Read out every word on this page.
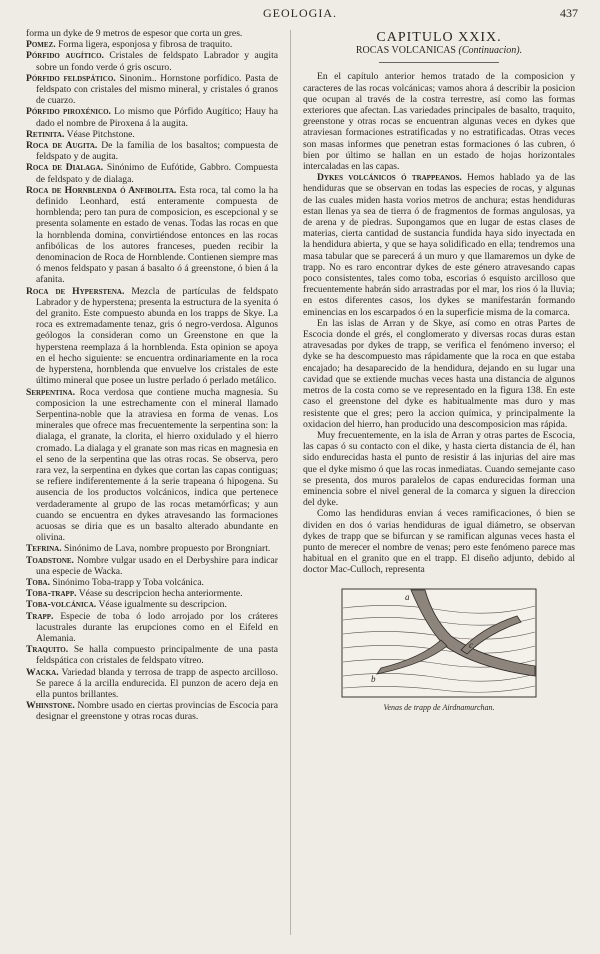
GEOLOGIA.	437

forma un dyke de 9 metros de espesor que corta un gres.

Pomez. Forma ligera, esponjosa y fibrosa de traquito.

Pórfido augítico. Cristales de feldspato Labrador y augita sobre un fondo verde ó gris oscuro.

Pórfido feldspático. Sinonim.. Hornstone porfídico. Pasta de feldspato con cristales del mismo mineral, y cristales ó granos de cuarzo.

Pórfido piroxénico. Lo mismo que Pórfido Augítico; Hauy ha dado el nombre de Piroxena á la augita.

Retinita. Véase Pitchstone.

Roca de Augita. De la familia de los basaltos; compuesta de feldspato y de augita.

Roca de Dialaga. Sinónimo de Eufótide, Gabbro. Compuesta de feldspato y de dialaga.

Roca de Hornblenda ó Anfibolita. Esta roca, tal como la ha definido Leonhard, está enteramente compuesta de hornblenda; pero tan pura de composicion, es escepcional y se presenta solamente en estado de venas. Todas las rocas en que la hornblenda domina, convirtiéndose entonces en las rocas anfibólicas de los autores franceses, pueden recibir la denominacion de Roca de Hornblende. Contienen siempre mas ó menos feldspato y pasan á basalto ó á greenstone, ó bien á la afanita.

Roca de Hyperstena. Mezcla de partículas de feldspato Labrador y de hyperstena; presenta la estructura de la syenita ó del granito. Este compuesto abunda en los trapps de Skye. La roca es extremadamente tenaz, gris ó negro-verdosa. Algunos geólogos la consideran como un Greenstone en que la hyperstena reemplaza á la hornblenda. Esta opinion se apoya en el hecho siguiente: se encuentra ordinariamente en la roca de hyperstena, hornblenda que envuelve los cristales de este último mineral que posee un lustre perlado ó perlado metálico.

Serpentina. Roca verdosa que contiene mucha magnesia. Su composicion la une estrechamente con el mineral llamado Serpentina-noble que la atraviesa en forma de venas. Los minerales que ofrece mas frecuentemente la serpentina son: la dialaga, el granate, la clorita, el hierro oxidulado y el hierro cromado. La dialaga y el granate son mas ricas en magnesia en el seno de la serpentina que las otras rocas. Se observa, pero rara vez, la serpentina en dykes que cortan las capas contiguas; se refiere indiferentemente á la serie trapeana ó hipogena. Su ausencia de los productos volcánicos, indica que pertenece verdaderamente al grupo de las rocas metamórficas; y aun cuando se encuentra en dykes atravesando las formaciones acuosas se diria que es un basalto alterado abundante en olivina.

Tefrina. Sinónimo de Lava, nombre propuesto por Brongniart.

Toadstone. Nombre vulgar usado en el Derbyshire para indicar una especie de Wacka.

Toba. Sinónimo Toba-trapp y Toba volcánica.

Toba-trapp. Véase su descripcion hecha anteriormente.

Toba-volcánica. Véase igualmente su descripcion.

Trapp. Especie de toba ó lodo arrojado por los cráteres lacustrales durante las erupciones como en el Eifeld en Alemania.

Traquito. Se halla compuesto principalmente de una pasta feldspática con cristales de feldspato vítreo.

Wacka. Variedad blanda y terrosa de trapp de aspecto arcilloso. Se parece á la arcilla endurecida. El punzon de acero deja en ella puntos brillantes.

Whinstone. Nombre usado en ciertas provincias de Escocia para designar el greenstone y otras rocas duras.

CAPITULO XXIX.
ROCAS VOLCANICAS (Continuacion).

En el capítulo anterior hemos tratado de la composicion y caracteres de las rocas volcánicas; vamos ahora á describir la posicion que ocupan al través de la costra terrestre, así como las formas exteriores que afectan. Las variedades principales de basalto, traquito, greenstone y otras rocas se encuentran algunas veces en dykes que atraviesan formaciones estratificadas y no estratificadas. Otras veces son masas informes que penetran estas formaciones ó las cubren, ó bien por último se hallan en un estado de hojas horizontales intercaladas en las capas.

Dykes volcánicos ó trappeanos. Hemos hablado ya de las hendiduras que se observan en todas las especies de rocas, y algunas de las cuales miden hasta vorios metros de anchura; estas hendiduras estan llenas ya sea de tierra ó de fragmentos de formas angulosas, ya de arena y de piedras. Supongamos que en lugar de estas clases de materias, cierta cantidad de sustancia fundida haya sido inyectada en la hendidura abierta, y que se haya solidificado en ella; tendremos una masa tabular que se parecerá á un muro y que llamaremos un dyke de trapp. No es raro encontrar dykes de este género atravesando capas poco consistentes, tales como toba, escorias ó esquisto arcilloso que frecuentemente habrán sido arrastradas por el mar, los rios ó la lluvia; en estos diferentes casos, los dykes se manifestarán formando eminencias en los escarpados ó en la superficie misma de la comarca.

En las islas de Arran y de Skye, así como en otras Partes de Escocia donde el grés, el conglomerato y diversas rocas duras estan atravesadas por dykes de trapp, se verifica el fenómeno inverso; el dyke se ha descompuesto mas rápidamente que la roca en que estaba encajado; ha desaparecido de la hendidura, dejando en su lugar una cavidad que se extiende muchas veces hasta una distancia de algunos metros de la costa como se ve representado en la figura 138. En este caso el greenstone del dyke es habitualmente mas duro y mas resistente que el gres; pero la accion química, y principalmente la oxidacion del hierro, han producido una descomposicion mas rápida.

Muy frecuentemente, en la isla de Arran y otras partes de Escocia, las capas ó su contacto con el dike, y hasta cierta distancia de él, han sido endurecidas hasta el punto de resistir á las injurias del aire mas que el dyke mismo ó que las rocas inmediatas. Cuando semejante caso se presenta, dos muros paralelos de capas endurecidas forman una eminencia sobre el nivel general de la comarca y siguen la direccion del dyke.

Como las hendiduras envian á veces ramificaciones, ó bien se dividen en dos ó varias hendiduras de igual diámetro, se observan dykes de trapp que se bifurcan y se ramifican algunas veces hasta el punto de merecer el nombre de venas; pero este fenómeno parece mas habitual en el granito que en el trapp. El diseño adjunto, debido al doctor Mac-Culloch, representa

a
b
c
Venas de trapp de Airdnamurchan.
